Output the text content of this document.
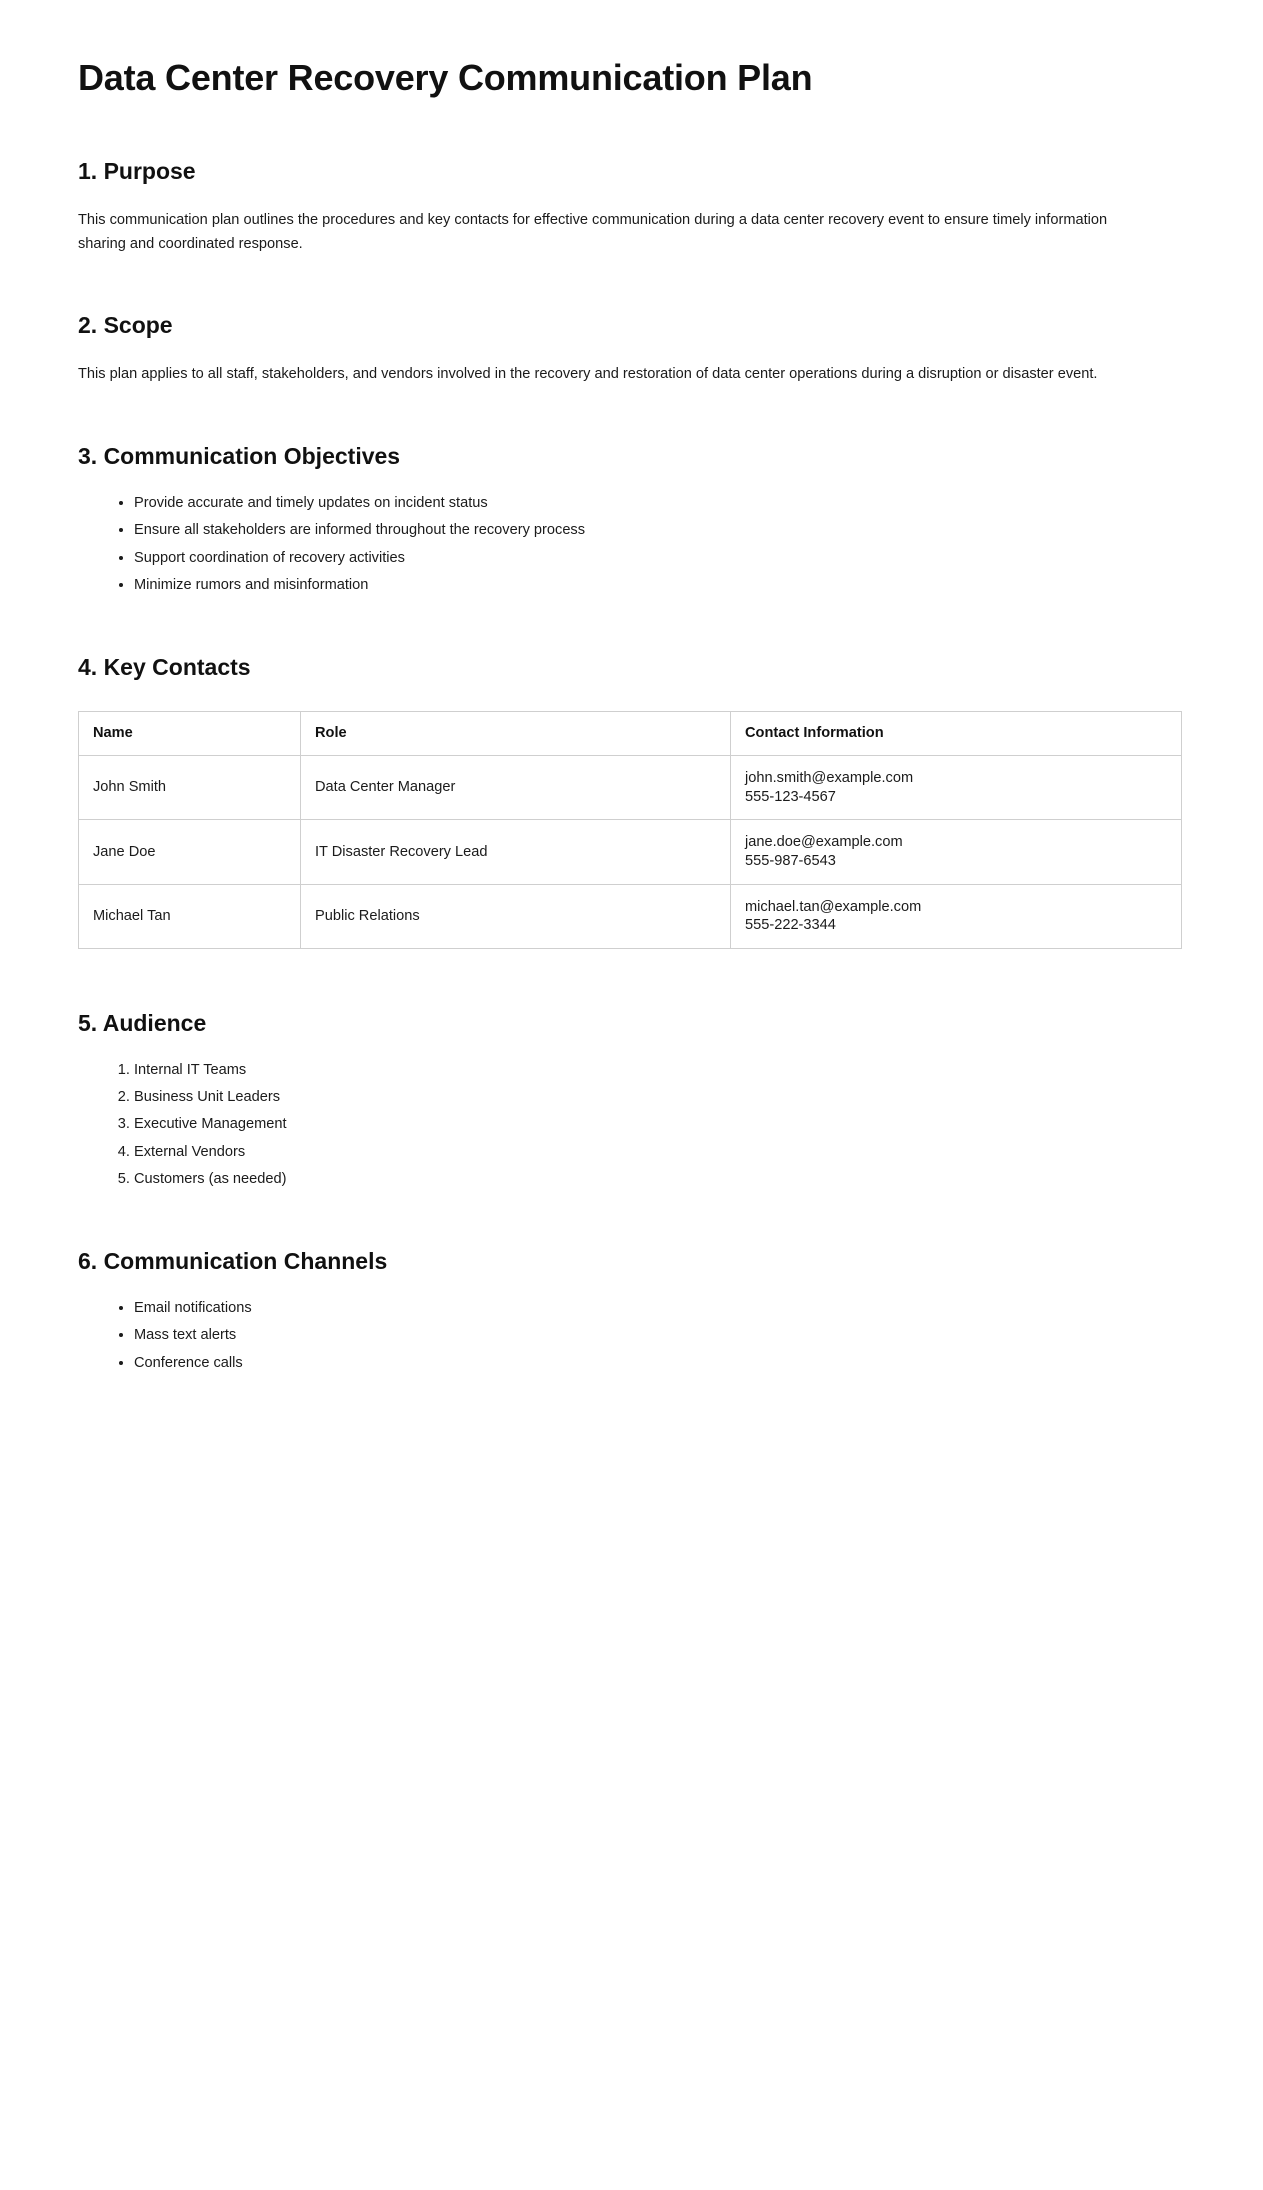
Data Center Recovery Communication Plan
1. Purpose

This communication plan outlines the procedures and key contacts for effective communication during a data center recovery event to ensure timely information sharing and coordinated response.

2. Scope

This plan applies to all staff, stakeholders, and vendors involved in the recovery and restoration of data center operations during a disruption or disaster event.

3. Communication Objectives
• Provide accurate and timely updates on incident status
• Ensure all stakeholders are informed throughout the recovery process
• Support coordination of recovery activities
• Minimize rumors and misinformation
4. Key Contacts
Name	Role	Contact Information
John Smith	Data Center Manager	john.smith@example.com
555-123-4567

Jane Doe	IT Disaster Recovery Lead	jane.doe@example.com
555-987-6543

Michael Tan	Public Relations	michael.tan@example.com
555-222-3344
5. Audience
1. Internal IT Teams
2. Business Unit Leaders
3. Executive Management
4. External Vendors
5. Customers (as needed)
6. Communication Channels
• Email notifications
• Mass text alerts
• Conference calls
